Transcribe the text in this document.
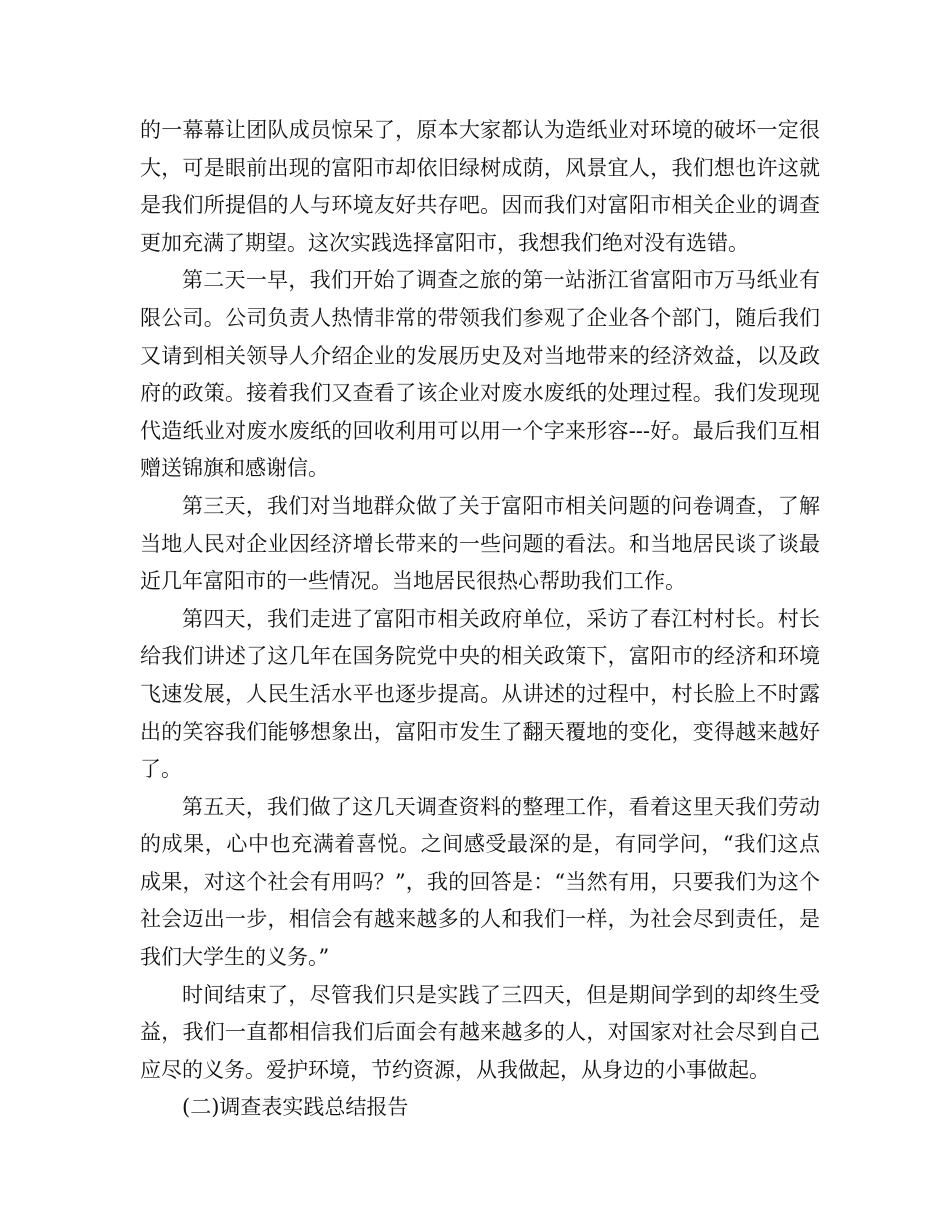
的一幕幕让团队成员惊呆了，原本大家都认为造纸业对环境的破坏一定很大，可是眼前出现的富阳市却依旧绿树成荫，风景宜人，我们想也许这就是我们所提倡的人与环境友好共存吧。因而我们对富阳市相关企业的调查更加充满了期望。这次实践选择富阳市，我想我们绝对没有选错。

第二天一早，我们开始了调查之旅的第一站浙江省富阳市万马纸业有限公司。公司负责人热情非常的带领我们参观了企业各个部门，随后我们又请到相关领导人介绍企业的发展历史及对当地带来的经济效益，以及政府的政策。接着我们又查看了该企业对废水废纸的处理过程。我们发现现代造纸业对废水废纸的回收利用可以用一个字来形容---好。最后我们互相赠送锦旗和感谢信。

第三天，我们对当地群众做了关于富阳市相关问题的问卷调查，了解当地人民对企业因经济增长带来的一些问题的看法。和当地居民谈了谈最近几年富阳市的一些情况。当地居民很热心帮助我们工作。

第四天，我们走进了富阳市相关政府单位，采访了春江村村长。村长给我们讲述了这几年在国务院党中央的相关政策下，富阳市的经济和环境飞速发展，人民生活水平也逐步提高。从讲述的过程中，村长脸上不时露出的笑容我们能够想象出，富阳市发生了翻天覆地的变化，变得越来越好了。

第五天，我们做了这几天调查资料的整理工作，看着这里天我们劳动的成果，心中也充满着喜悦。之间感受最深的是，有同学问，“我们这点成果，对这个社会有用吗？”，我的回答是：“当然有用，只要我们为这个社会迈出一步，相信会有越来越多的人和我们一样，为社会尽到责任，是我们大学生的义务。”

时间结束了，尽管我们只是实践了三四天，但是期间学到的却终生受益，我们一直都相信我们后面会有越来越多的人，对国家对社会尽到自己应尽的义务。爱护环境，节约资源，从我做起，从身边的小事做起。

(二)调查表实践总结报告
